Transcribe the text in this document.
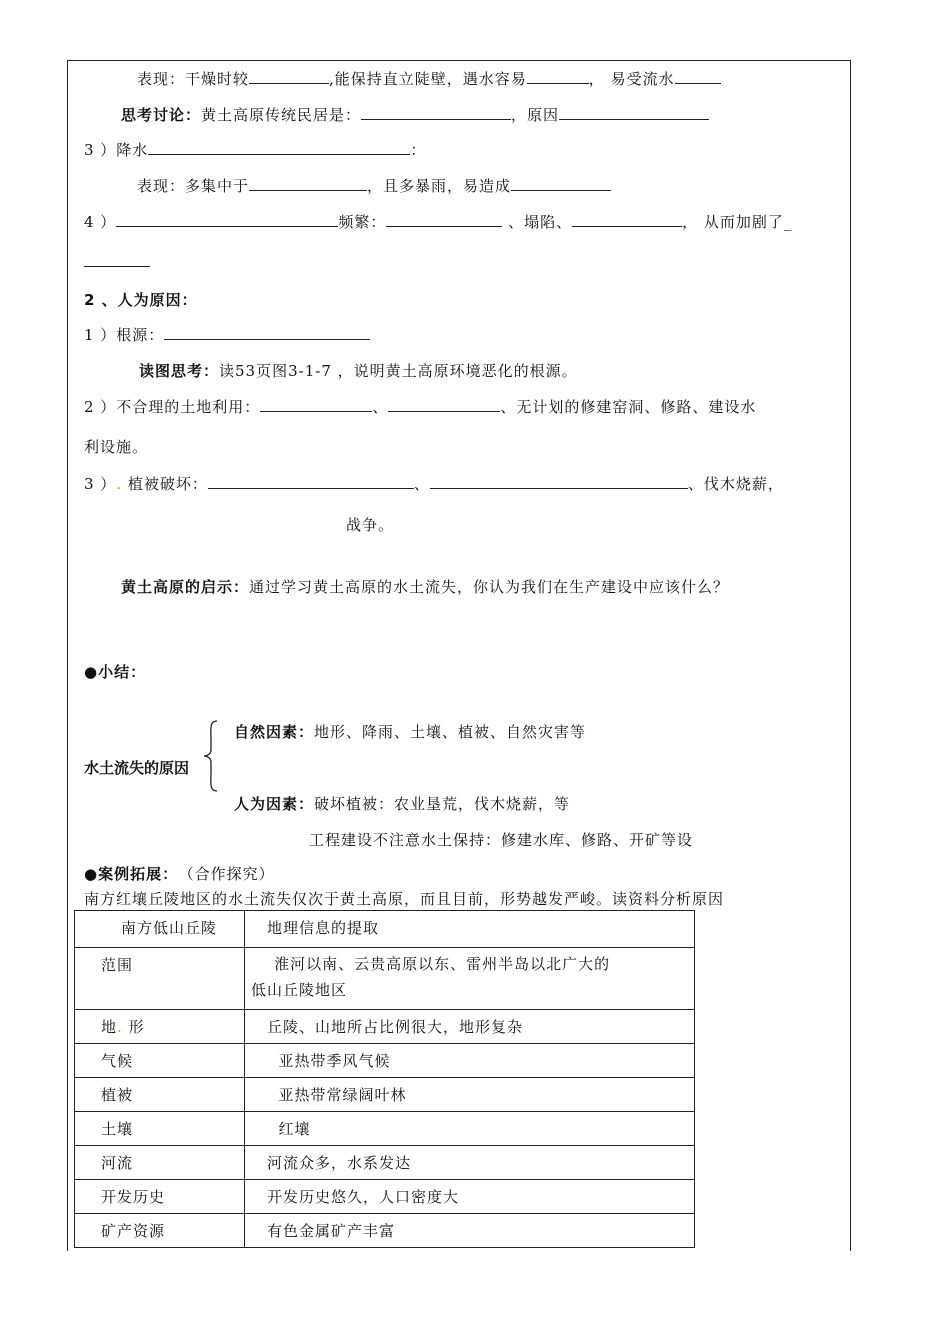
表现：干燥时较	,能保持直立陡壁，遇水容易	， 易受流水
思考讨论：黄土高原传统民居是：	，原因
3 ）降水	：
表现：多集中于	，且多暴雨，易造成
4 ）	频繁：	、塌陷、	， 从而加剧了_
2 、人为原因：
1 ）根源：
读图思考：读53页图3-1-7 ，说明黄土高原环境恶化的根源。
2 ）不合理的土地利用：	、	、无计划的修建窑洞、修路、建设水
利设施。
3 ）. 植被破坏：	、	、伐木烧薪，
战争。
黄土高原的启示：通过学习黄土高原的水土流失，你认为我们在生产建设中应该什么？
●小结：
自然因素：地形、降雨、土壤、植被、自然灾害等
水土流失的原因
人为因素：破坏植被：农业垦荒，伐木烧薪，等
工程建设不注意水土保持：修建水库、修路、开矿等设
●案例拓展： （合作探究）
南方红壤丘陵地区的水土流失仅次于黄土高原，而且目前，形势越发严峻。读资料分析原因
南方低山丘陵	地理信息的提取
范围	淮河以南、云贵高原以东、雷州半岛以北广大的
低山丘陵地区
地. 形	丘陵、山地所占比例很大，地形复杂
气候	亚热带季风气候
植被	亚热带常绿阔叶林
土壤	红壤
河流	河流众多，水系发达
开发历史	开发历史悠久，人口密度大
矿产资源	有色金属矿产丰富
